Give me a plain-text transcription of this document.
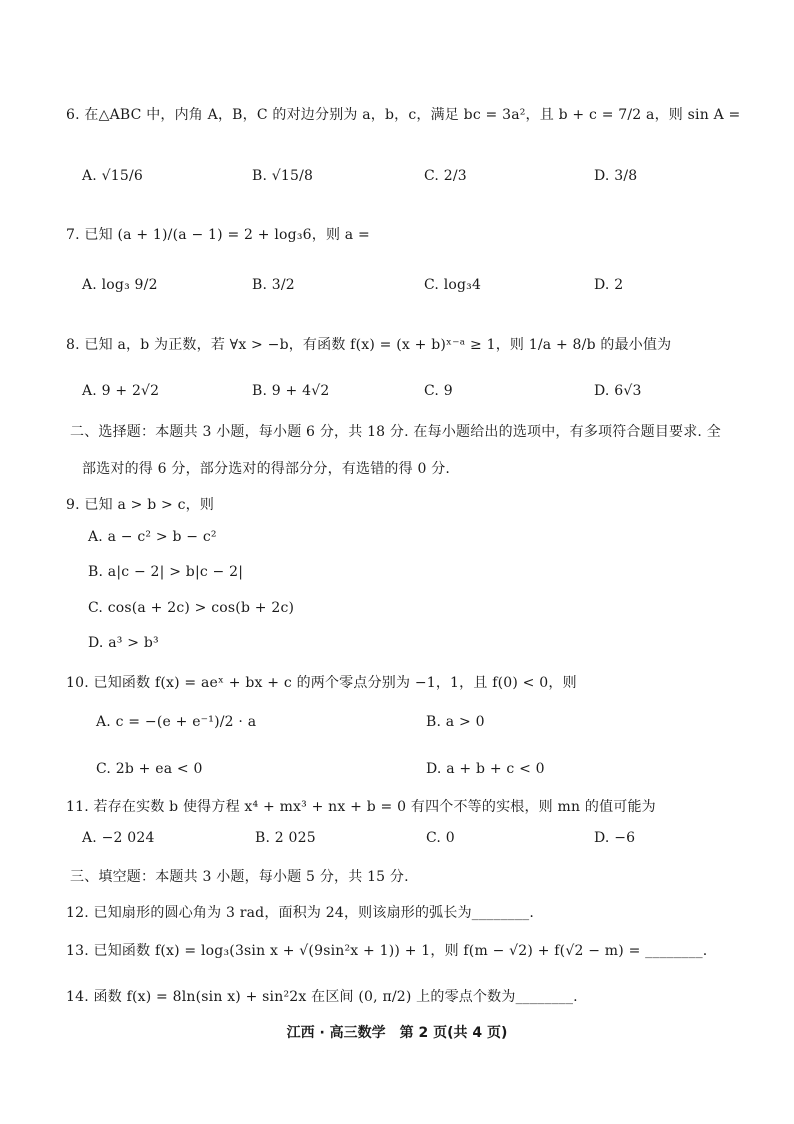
6. 在△ABC 中，内角 A，B，C 的对边分别为 a，b，c，满足 bc = 3a²，且 b + c = 7/2 a，则 sin A =
A. √15/6	B. √15/8	C. 2/3	D. 3/8
7. 已知 (a + 1)/(a − 1) = 2 + log₃6，则 a =
A. log₃ 9/2	B. 3/2	C. log₃4	D. 2
8. 已知 a，b 为正数，若 ∀x > −b，有函数 f(x) = (x + b)ˣ⁻ᵃ ≥ 1，则 1/a + 8/b 的最小值为
A. 9 + 2√2	B. 9 + 4√2	C. 9	D. 6√3
二、选择题：本题共 3 小题，每小题 6 分，共 18 分. 在每小题给出的选项中，有多项符合题目要求. 全
部选对的得 6 分，部分选对的得部分分，有选错的得 0 分.
9. 已知 a > b > c，则
A. a − c² > b − c²
B. a|c − 2| > b|c − 2|
C. cos(a + 2c) > cos(b + 2c)
D. a³ > b³
10. 已知函数 f(x) = aeˣ + bx + c 的两个零点分别为 −1，1，且 f(0) < 0，则
A. c = −(e + e⁻¹)/2 · a	B. a > 0
C. 2b + ea < 0	D. a + b + c < 0
11. 若存在实数 b 使得方程 x⁴ + mx³ + nx + b = 0 有四个不等的实根，则 mn 的值可能为
A. −2 024	B. 2 025	C. 0	D. −6
三、填空题：本题共 3 小题，每小题 5 分，共 15 分.
12. 已知扇形的圆心角为 3 rad，面积为 24，则该扇形的弧长为________.
13. 已知函数 f(x) = log₃(3sin x + √(9sin²x + 1)) + 1，则 f(m − √2) + f(√2 − m) = ________.
14. 函数 f(x) = 8ln(sin x) + sin²2x 在区间 (0, π/2) 上的零点个数为________.
江西 · 高三数学　第 2 页(共 4 页)
